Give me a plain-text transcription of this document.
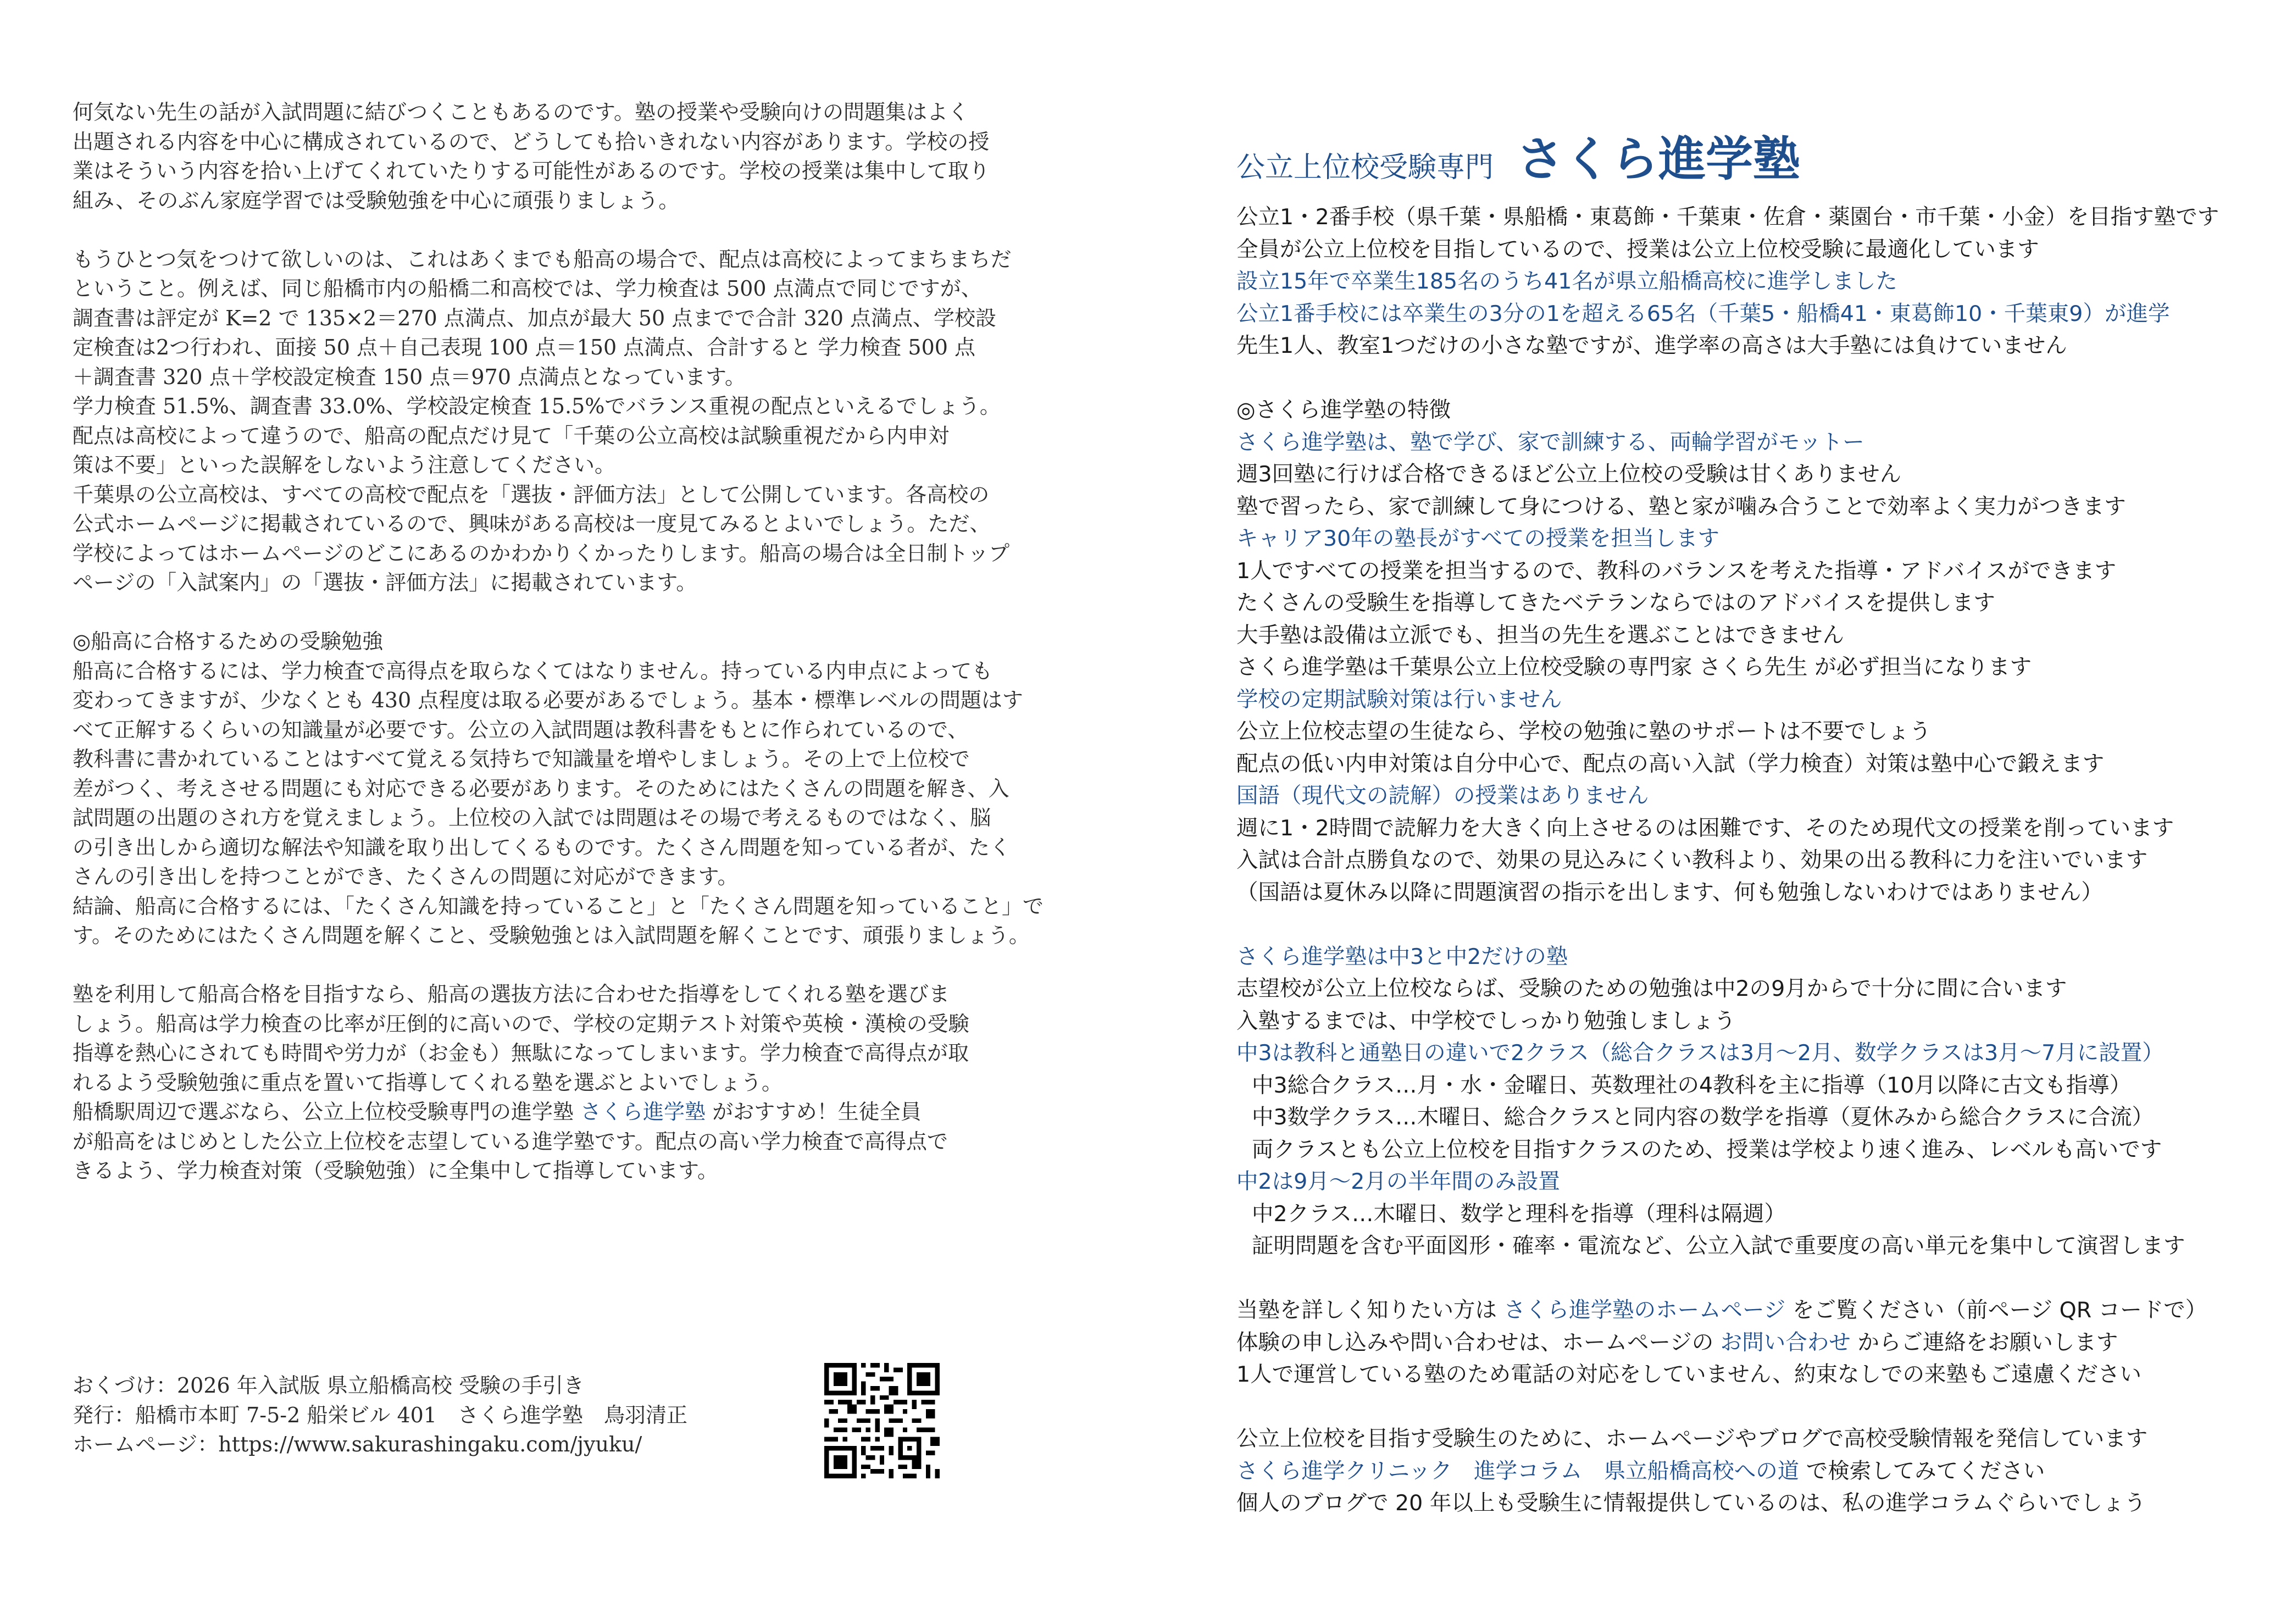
何気ない先生の話が入試問題に結びつくこともあるのです。塾の授業や受験向けの問題集はよく

出題される内容を中心に構成されているので、どうしても拾いきれない内容があります。学校の授

業はそういう内容を拾い上げてくれていたりする可能性があるのです。学校の授業は集中して取り

組み、そのぶん家庭学習では受験勉強を中心に頑張りましょう。

もうひとつ気をつけて欲しいのは、これはあくまでも船高の場合で、配点は高校によってまちまちだ

ということ。例えば、同じ船橋市内の船橋二和高校では、学力検査は 500 点満点で同じですが、

調査書は評定が K=2 で 135×2＝270 点満点、加点が最大 50 点までで合計 320 点満点、学校設

定検査は2つ行われ、面接 50 点＋自己表現 100 点＝150 点満点、合計すると 学力検査 500 点

＋調査書 320 点＋学校設定検査 150 点＝970 点満点となっています。

学力検査 51.5%、調査書 33.0%、学校設定検査 15.5%でバランス重視の配点といえるでしょう。

配点は高校によって違うので、船高の配点だけ見て「千葉の公立高校は試験重視だから内申対

策は不要」といった誤解をしないよう注意してください。

千葉県の公立高校は、すべての高校で配点を「選抜・評価方法」として公開しています。各高校の

公式ホームページに掲載されているので、興味がある高校は一度見てみるとよいでしょう。ただ、

学校によってはホームページのどこにあるのかわかりくかったりします。船高の場合は全日制トップ

ページの「入試案内」の「選抜・評価方法」に掲載されています。

◎船高に合格するための受験勉強

船高に合格するには、学力検査で高得点を取らなくてはなりません。持っている内申点によっても

変わってきますが、少なくとも 430 点程度は取る必要があるでしょう。基本・標準レベルの問題はす

べて正解するくらいの知識量が必要です。公立の入試問題は教科書をもとに作られているので、

教科書に書かれていることはすべて覚える気持ちで知識量を増やしましょう。その上で上位校で

差がつく、考えさせる問題にも対応できる必要があります。そのためにはたくさんの問題を解き、入

試問題の出題のされ方を覚えましょう。上位校の入試では問題はその場で考えるものではなく、脳

の引き出しから適切な解法や知識を取り出してくるものです。たくさん問題を知っている者が、たく

さんの引き出しを持つことができ、たくさんの問題に対応ができます。

結論、船高に合格するには、「たくさん知識を持っていること」と「たくさん問題を知っていること」で

す。そのためにはたくさん問題を解くこと、受験勉強とは入試問題を解くことです、頑張りましょう。

塾を利用して船高合格を目指すなら、船高の選抜方法に合わせた指導をしてくれる塾を選びま

しょう。船高は学力検査の比率が圧倒的に高いので、学校の定期テスト対策や英検・漢検の受験

指導を熱心にされても時間や労力が（お金も）無駄になってしまいます。学力検査で高得点が取

れるよう受験勉強に重点を置いて指導してくれる塾を選ぶとよいでしょう。

船橋駅周辺で選ぶなら、公立上位校受験専門の進学塾 さくら進学塾 がおすすめ！生徒全員

が船高をはじめとした公立上位校を志望している進学塾です。配点の高い学力検査で高得点で

きるよう、学力検査対策（受験勉強）に全集中して指導しています。

おくづけ：2026 年入試版 県立船橋高校 受験の手引き

発行：船橋市本町 7-5-2 船栄ビル 401　さくら進学塾　鳥羽清正

ホームページ：https://www.sakurashingaku.com/jyuku/

公立上位校受験専門 さくら進学塾

公立1・2番手校（県千葉・県船橋・東葛飾・千葉東・佐倉・薬園台・市千葉・小金）を目指す塾です

全員が公立上位校を目指しているので、授業は公立上位校受験に最適化しています

設立15年で卒業生185名のうち41名が県立船橋高校に進学しました

公立1番手校には卒業生の3分の1を超える65名（千葉5・船橋41・東葛飾10・千葉東9）が進学

先生1人、教室1つだけの小さな塾ですが、進学率の高さは大手塾には負けていません

◎さくら進学塾の特徴

さくら進学塾は、塾で学び、家で訓練する、両輪学習がモットー

週3回塾に行けば合格できるほど公立上位校の受験は甘くありません

塾で習ったら、家で訓練して身につける、塾と家が噛み合うことで効率よく実力がつきます

キャリア30年の塾長がすべての授業を担当します

1人ですべての授業を担当するので、教科のバランスを考えた指導・アドバイスができます

たくさんの受験生を指導してきたベテランならではのアドバイスを提供します

大手塾は設備は立派でも、担当の先生を選ぶことはできません

さくら進学塾は千葉県公立上位校受験の専門家 さくら先生 が必ず担当になります

学校の定期試験対策は行いません

公立上位校志望の生徒なら、学校の勉強に塾のサポートは不要でしょう

配点の低い内申対策は自分中心で、配点の高い入試（学力検査）対策は塾中心で鍛えます

国語（現代文の読解）の授業はありません

週に1・2時間で読解力を大きく向上させるのは困難です、そのため現代文の授業を削っています

入試は合計点勝負なので、効果の見込みにくい教科より、効果の出る教科に力を注いでいます

（国語は夏休み以降に問題演習の指示を出します、何も勉強しないわけではありません）

さくら進学塾は中3と中2だけの塾

志望校が公立上位校ならば、受験のための勉強は中2の9月からで十分に間に合います

入塾するまでは、中学校でしっかり勉強しましょう

中3は教科と通塾日の違いで2クラス（総合クラスは3月〜2月、数学クラスは3月〜7月に設置）

中3総合クラス…月・水・金曜日、英数理社の4教科を主に指導（10月以降に古文も指導）

中3数学クラス…木曜日、総合クラスと同内容の数学を指導（夏休みから総合クラスに合流）

両クラスとも公立上位校を目指すクラスのため、授業は学校より速く進み、レベルも高いです

中2は9月〜2月の半年間のみ設置

中2クラス…木曜日、数学と理科を指導（理科は隔週）

証明問題を含む平面図形・確率・電流など、公立入試で重要度の高い単元を集中して演習します

当塾を詳しく知りたい方は さくら進学塾のホームページ をご覧ください（前ページ QR コードで）

体験の申し込みや問い合わせは、ホームページの お問い合わせ からご連絡をお願いします

1人で運営している塾のため電話の対応をしていません、約束なしでの来塾もご遠慮ください

公立上位校を目指す受験生のために、ホームページやブログで高校受験情報を発信しています

さくら進学クリニック　進学コラム　県立船橋高校への道 で検索してみてください

個人のブログで 20 年以上も受験生に情報提供しているのは、私の進学コラムぐらいでしょう
